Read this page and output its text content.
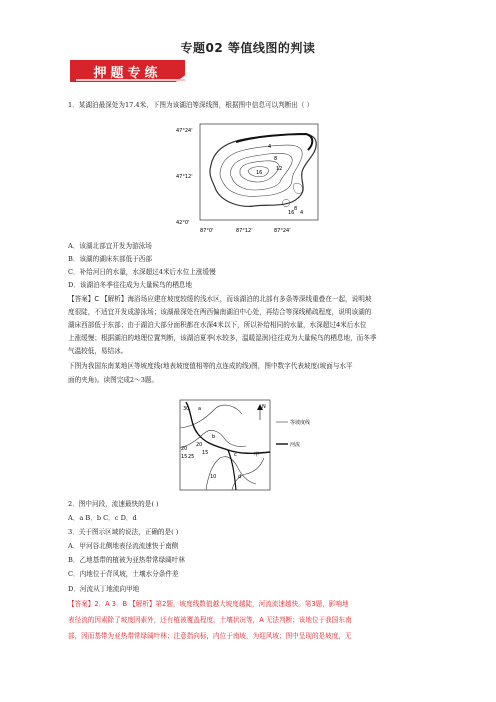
专题02 等值线图的判读
押题专练
1．某湖泊最深处为17.4米，下图为该湖泊等深线图，根据图中信息可以判断出（ ）
4
8
12
16
16
8
4
47°24'
47°12'
42°0'
87°0'	87°12'	87°24'
A．该湖北部宜开发为游泳场
B．该湖的湖床东部低于西部
C．补给河日的水量，水深超过4米后水位上涨缓慢
D．该湖泊冬季往往成为大量候鸟的栖息地
【答案】C 【解析】海浴场应建在坡度较缓的浅水区，而该湖泊的北部有多条等深线重叠在一起，说明坡
度很陡，不适宜开发成游泳场；该湖最深处在两西偏南湖泊中心处，再结合等深线稀疏程度，说明该湖的
湖床西部低于东部；由于湖泊大部分面积都在水深4米以下，所以补给相同的水量，水深超过4米后水位
上涨缓慢；根据湖泊的地理位置判断，该湖泊夏季(水较多，温暖湿润)往往成为大量候鸟的栖息地，而冬季
气温较低，易结冰。
下图为我国东南某地区等坡度线(地表坡度值相等的点连成的线)图，图中数字代表坡度(坡面与水平
面的夹角)。读图完成2～3题。
30
20
15 25
20
15
10
a
b
c
d
甲
N
等坡度线
河流
2．图中河段，流速最快的是( )
A．a B．b C．c D．d
3．关于图示区域的说法，正确的是( )
A．甲河谷北侧地表径流流速快于南侧
B．乙地基带的植被为亚热带常绿阔叶林
C．内地位于背风坡，土壤水分条件差
D．河流从丁地流向甲地
【答案】2．A 3．B 【解析】第2题，坡度线数值越大坡度越陡，河流流速越快。第3题，影响地
表径流的因素除了坡度因素外，还有植被覆盖程度、土壤状况等，A 无法判断；该地位于我国东南
部，因而基带为亚热带常绿阔叶林；注意指向标，内位于南坡，为迎风坡；图中呈现的是坡度，无
